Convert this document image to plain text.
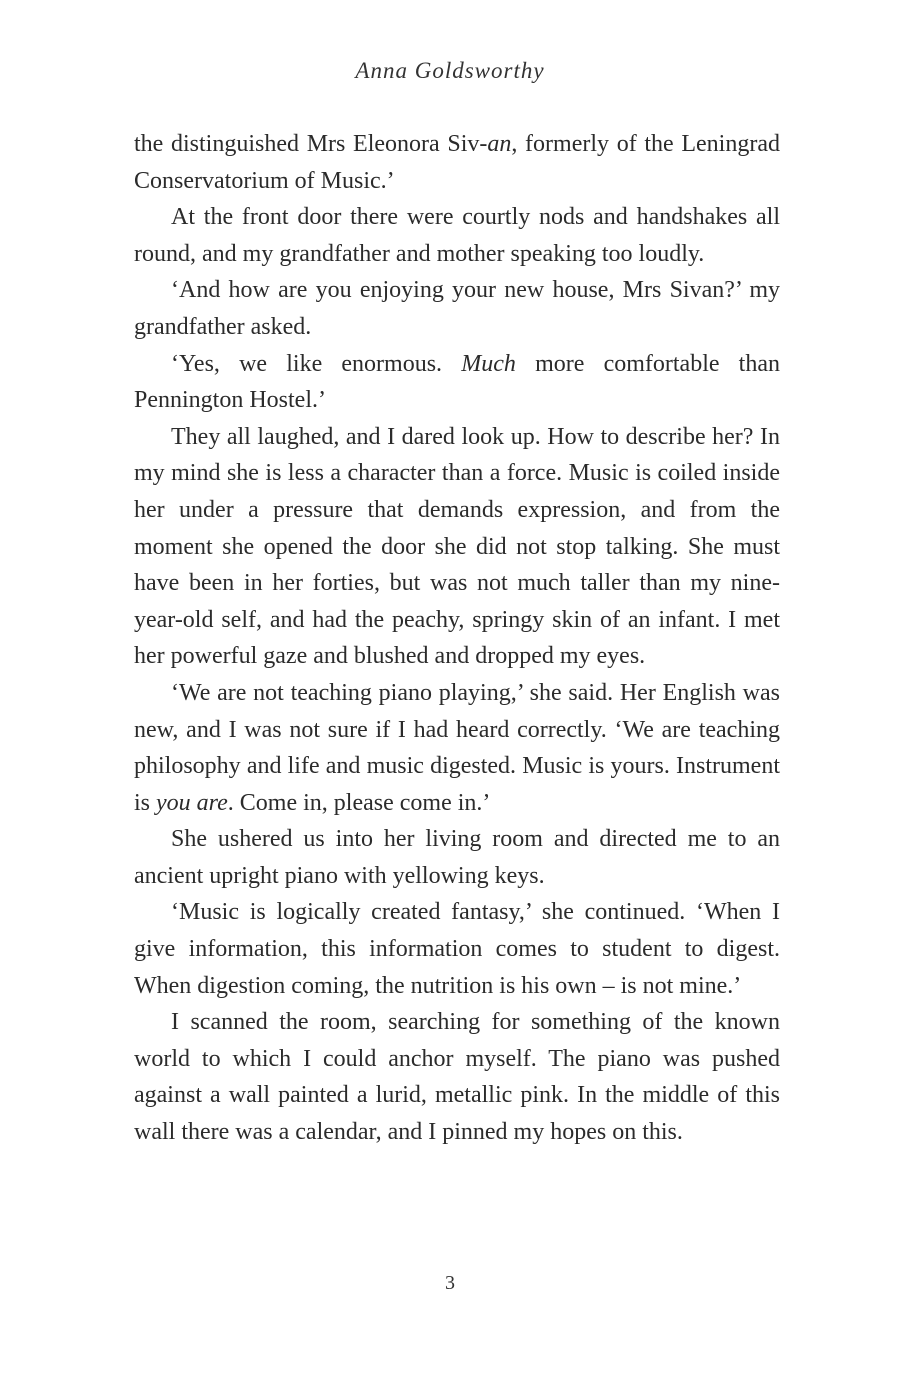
Anna Goldsworthy

the distinguished Mrs Eleonora Siv-an, formerly of the Leningrad Conservatorium of Music.’

At the front door there were courtly nods and handshakes all round, and my grandfather and mother speaking too loudly.

‘And how are you enjoying your new house, Mrs Sivan?’ my grandfather asked.

‘Yes, we like enormous. Much more comfortable than Pennington Hostel.’

They all laughed, and I dared look up. How to describe her? In my mind she is less a character than a force. Music is coiled inside her under a pressure that demands expression, and from the moment she opened the door she did not stop talking. She must have been in her forties, but was not much taller than my nine-year-old self, and had the peachy, springy skin of an infant. I met her powerful gaze and blushed and dropped my eyes.

‘We are not teaching piano playing,’ she said. Her English was new, and I was not sure if I had heard correctly. ‘We are teaching philosophy and life and music digested. Music is yours. Instrument is you are. Come in, please come in.’

She ushered us into her living room and directed me to an ancient upright piano with yellowing keys.

‘Music is logically created fantasy,’ she continued. ‘When I give information, this information comes to student to digest. When digestion coming, the nutrition is his own – is not mine.’

I scanned the room, searching for something of the known world to which I could anchor myself. The piano was pushed against a wall painted a lurid, metallic pink. In the middle of this wall there was a calendar, and I pinned my hopes on this.

3
